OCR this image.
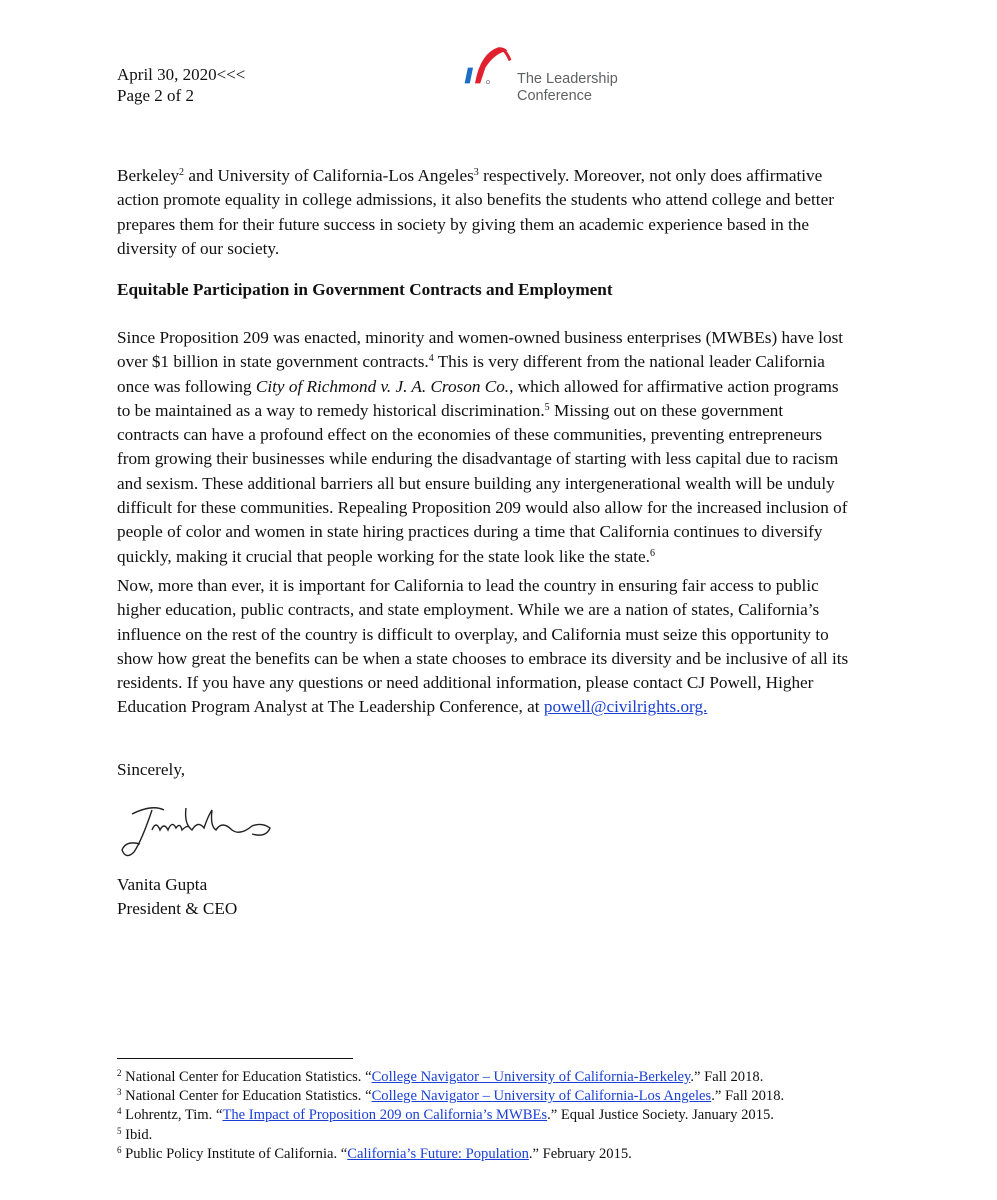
April 30, 2020<<<
Page 2 of 2
The Leadership
Conference
Berkeley$^2$ and University of California-Los Angeles$^3$ respectively. Moreover, not only does affirmative
action promote equality in college admissions, it also benefits the students who attend college and better
prepares them for their future success in society by giving them an academic experience based in the
diversity of our society.
Equitable Participation in Government Contracts and Employment
Since Proposition 209 was enacted, minority and women-owned business enterprises (MWBEs) have lost
over $1 billion in state government contracts.$^4$ This is very different from the national leader California
once was following City of Richmond v. J. A. Croson Co., which allowed for affirmative action programs
to be maintained as a way to remedy historical discrimination.$^5$ Missing out on these government
contracts can have a profound effect on the economies of these communities, preventing entrepreneurs
from growing their businesses while enduring the disadvantage of starting with less capital due to racism
and sexism. These additional barriers all but ensure building any intergenerational wealth will be unduly
difficult for these communities. Repealing Proposition 209 would also allow for the increased inclusion of
people of color and women in state hiring practices during a time that California continues to diversify
quickly, making it crucial that people working for the state look like the state.$^6$
Now, more than ever, it is important for California to lead the country in ensuring fair access to public
higher education, public contracts, and state employment. While we are a nation of states, California’s
influence on the rest of the country is difficult to overplay, and California must seize this opportunity to
show how great the benefits can be when a state chooses to embrace its diversity and be inclusive of all its
residents. If you have any questions or need additional information, please contact CJ Powell, Higher
Education Program Analyst at The Leadership Conference, at powell@civilrights.org.
Sincerely,
Vanita Gupta
President & CEO
$^2$ National Center for Education Statistics. “College Navigator – University of California-Berkeley.” Fall 2018.
$^3$ National Center for Education Statistics. “College Navigator – University of California-Los Angeles.” Fall 2018.
$^4$ Lohrentz, Tim. “The Impact of Proposition 209 on California’s MWBEs.” Equal Justice Society. January 2015.
$^5$ Ibid.
$^6$ Public Policy Institute of California. “California’s Future: Population.” February 2015.
